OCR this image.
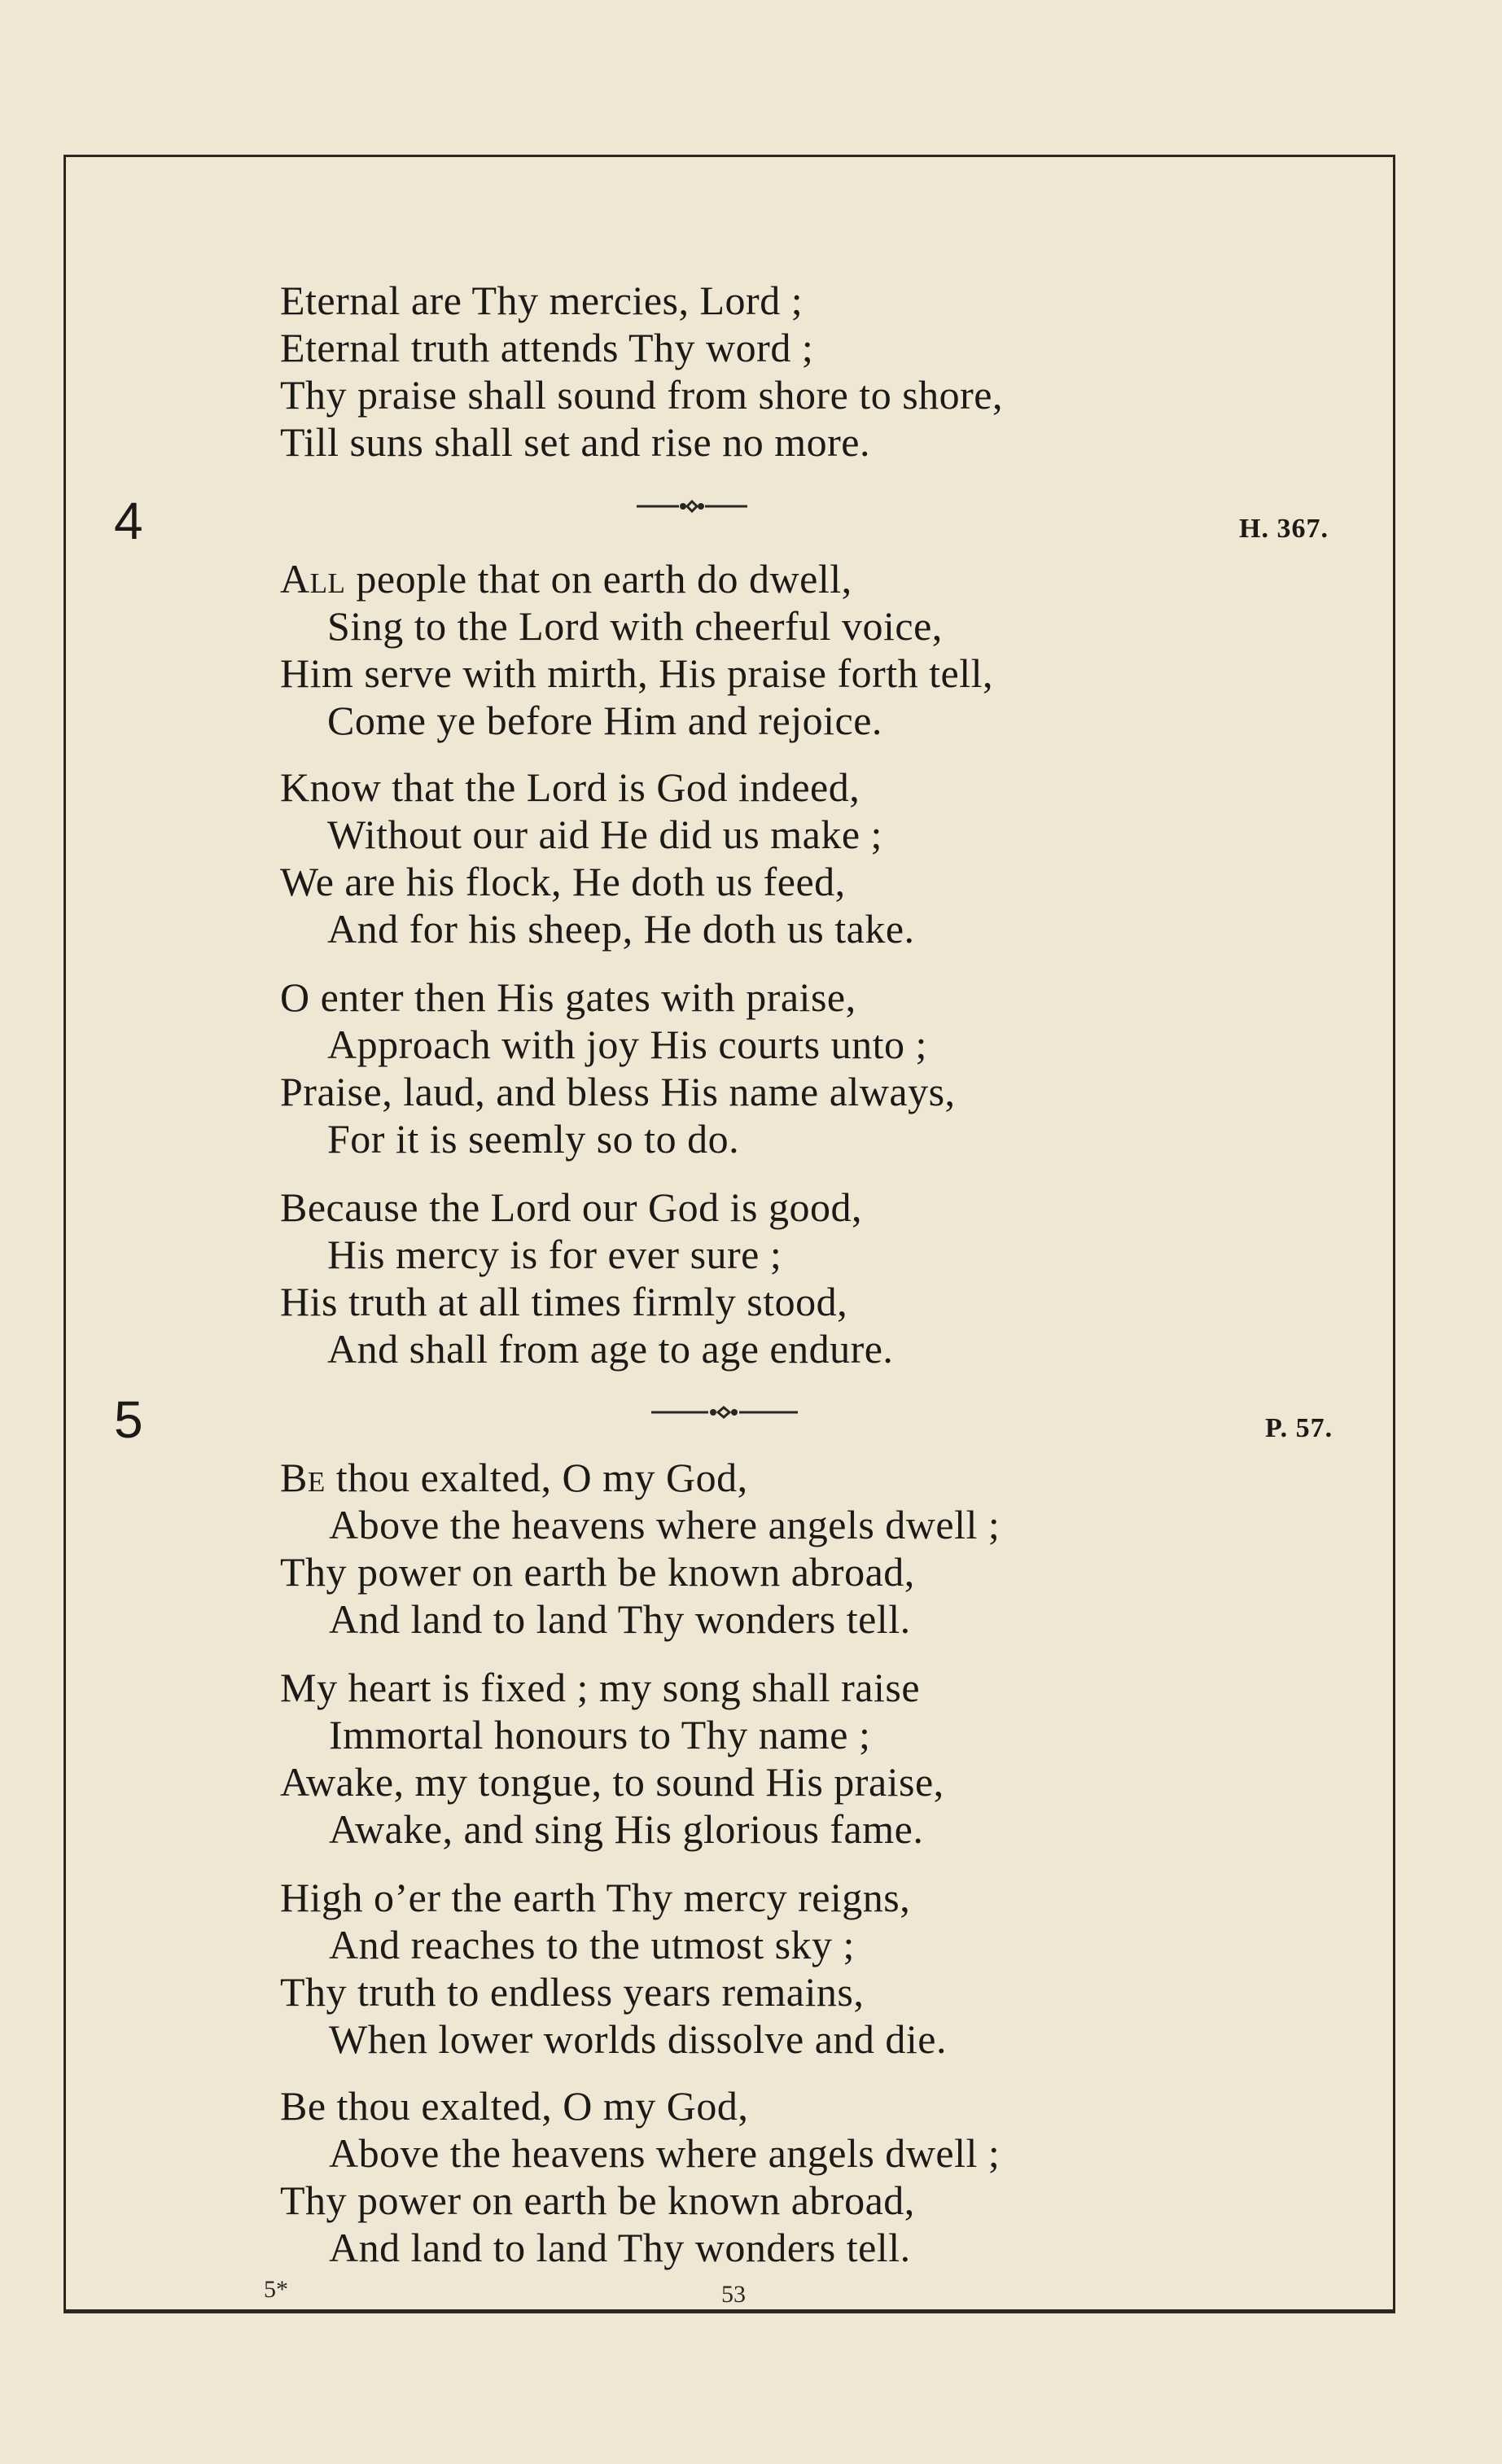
Eternal are Thy mercies, Lord ;
Eternal truth attends Thy word ;
Thy praise shall sound from shore to shore,
Till suns shall set and rise no more.
4	H. 367.
All people that on earth do dwell,
Sing to the Lord with cheerful voice,
Him serve with mirth, His praise forth tell,
Come ye before Him and rejoice.
Know that the Lord is God indeed,
Without our aid He did us make ;
We are his flock, He doth us feed,
And for his sheep, He doth us take.
O enter then His gates with praise,
Approach with joy His courts unto ;
Praise, laud, and bless His name always,
For it is seemly so to do.
Because the Lord our God is good,
His mercy is for ever sure ;
His truth at all times firmly stood,
And shall from age to age endure.
5	P. 57.
Be thou exalted, O my God,
Above the heavens where angels dwell ;
Thy power on earth be known abroad,
And land to land Thy wonders tell.
My heart is fixed ; my song shall raise
Immortal honours to Thy name ;
Awake, my tongue, to sound His praise,
Awake, and sing His glorious fame.
High o’er the earth Thy mercy reigns,
And reaches to the utmost sky ;
Thy truth to endless years remains,
When lower worlds dissolve and die.
Be thou exalted, O my God,
Above the heavens where angels dwell ;
Thy power on earth be known abroad,
And land to land Thy wonders tell.
5*	53
